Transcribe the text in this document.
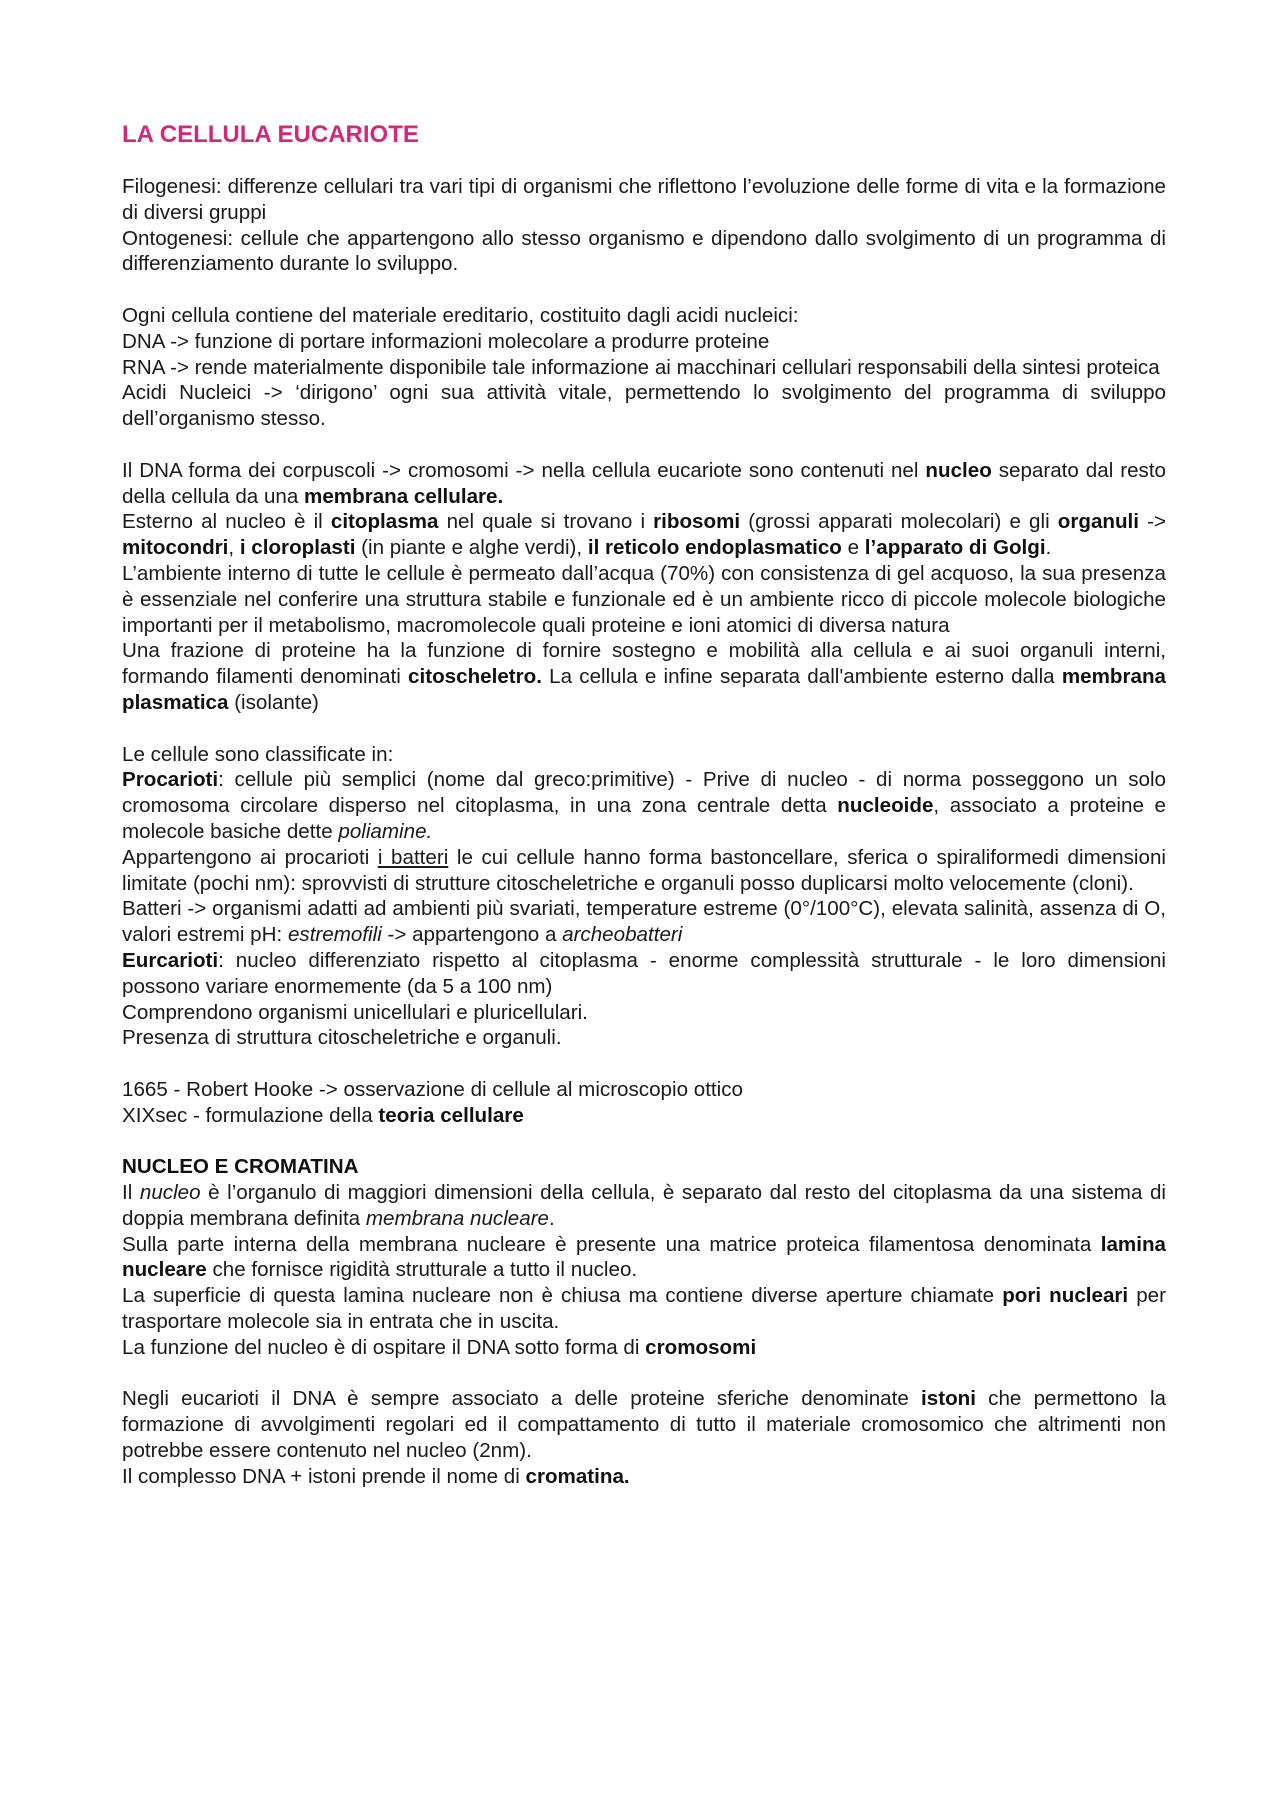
LA CELLULA EUCARIOTE

Filogenesi: differenze cellulari tra vari tipi di organismi che riflettono l’evoluzione delle forme di vita e la formazione di diversi gruppi

Ontogenesi: cellule che appartengono allo stesso organismo e dipendono dallo svolgimento di un programma di differenziamento durante lo sviluppo.

Ogni cellula contiene del materiale ereditario, costituito dagli acidi nucleici:

DNA -> funzione di portare informazioni molecolare a produrre proteine

RNA -> rende materialmente disponibile tale informazione ai macchinari cellulari responsabili della sintesi proteica

Acidi Nucleici -> ‘dirigono’ ogni sua attività vitale, permettendo lo svolgimento del programma di sviluppo dell’organismo stesso.

Il DNA forma dei corpuscoli -> cromosomi -> nella cellula eucariote sono contenuti nel nucleo separato dal resto della cellula da una membrana cellulare.

Esterno al nucleo è il citoplasma nel quale si trovano i ribosomi (grossi apparati molecolari) e gli organuli -> mitocondri, i cloroplasti (in piante e alghe verdi), il reticolo endoplasmatico e l’apparato di Golgi.

L’ambiente interno di tutte le cellule è permeato dall’acqua (70%) con consistenza di gel acquoso, la sua presenza è essenziale nel conferire una struttura stabile e funzionale ed è un ambiente ricco di piccole molecole biologiche importanti per il metabolismo, macromolecole quali proteine e ioni atomici di diversa natura

Una frazione di proteine ha la funzione di fornire sostegno e mobilità alla cellula e ai suoi organuli interni, formando filamenti denominati citoscheletro. La cellula e infine separata dall'ambiente esterno dalla membrana plasmatica (isolante)

Le cellule sono classificate in:

Procarioti: cellule più semplici (nome dal greco:primitive) - Prive di nucleo - di norma posseggono un solo cromosoma circolare disperso nel citoplasma, in una zona centrale detta nucleoide, associato a proteine e molecole basiche dette poliamine.

Appartengono ai procarioti i batteri le cui cellule hanno forma bastoncellare, sferica o spiraliformedi dimensioni limitate (pochi nm): sprovvisti di strutture citoscheletriche e organuli posso duplicarsi molto velocemente (cloni).

Batteri -> organismi adatti ad ambienti più svariati, temperature estreme (0°/100°C), elevata salinità, assenza di O, valori estremi pH: estremofili -> appartengono a archeobatteri

Eurcarioti: nucleo differenziato rispetto al citoplasma - enorme complessità strutturale - le loro dimensioni possono variare enormemente (da 5 a 100 nm)

Comprendono organismi unicellulari e pluricellulari.

Presenza di struttura citoscheletriche e organuli.

1665 - Robert Hooke -> osservazione di cellule al microscopio ottico

XIXsec - formulazione della teoria cellulare

NUCLEO E CROMATINA

Il nucleo è l’organulo di maggiori dimensioni della cellula, è separato dal resto del citoplasma da una sistema di doppia membrana definita membrana nucleare.

Sulla parte interna della membrana nucleare è presente una matrice proteica filamentosa denominata lamina nucleare che fornisce rigidità strutturale a tutto il nucleo.

La superficie di questa lamina nucleare non è chiusa ma contiene diverse aperture chiamate pori nucleari per trasportare molecole sia in entrata che in uscita.

La funzione del nucleo è di ospitare il DNA sotto forma di cromosomi

Negli eucarioti il DNA è sempre associato a delle proteine sferiche denominate istoni che permettono la formazione di avvolgimenti regolari ed il compattamento di tutto il materiale cromosomico che altrimenti non potrebbe essere contenuto nel nucleo (2nm).

Il complesso DNA + istoni prende il nome di cromatina.
